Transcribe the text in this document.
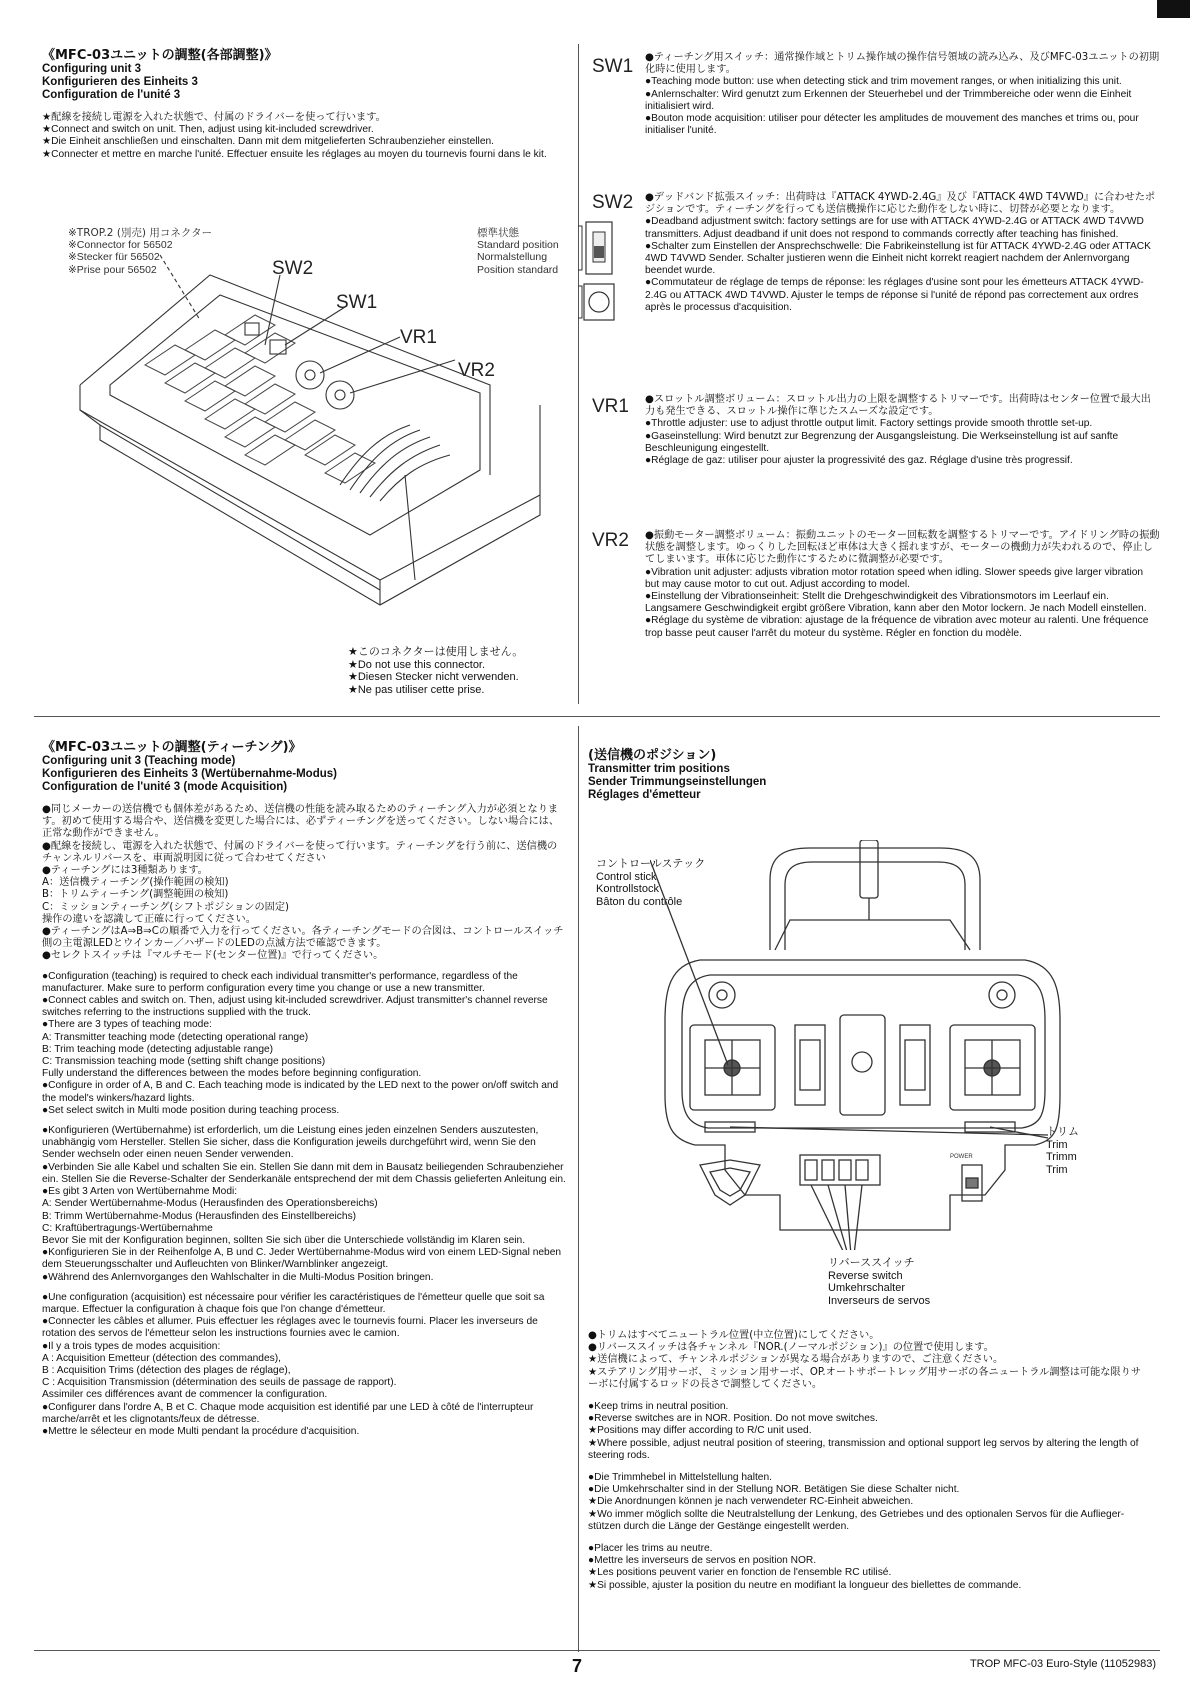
《MFC-03ユニットの調整(各部調整)》
Configuring unit 3
Konfigurieren des Einheits 3
Configuration de l'unité 3

★配線を接続し電源を入れた状態で、付属のドライバーを使って行います。

★Connect and switch on unit. Then, adjust using kit-included screwdriver.

★Die Einheit anschließen und einschalten. Dann mit dem mitgelieferten Schraubenzieher einstellen.

★Connecter et mettre en marche l'unité. Effectuer ensuite les réglages au moyen du tournevis fourni dans le kit.

※TROP.2 (別売) 用コネクター

※Connector for 56502

※Stecker für 56502

※Prise pour 56502

標準状態

Standard position

Normalstellung

Position standard

SW2
SW1
VR1
VR2
★このコネクターは使用しません。
★Do not use this connector.
★Diesen Stecker nicht verwenden.
★Ne pas utiliser cette prise.
SW1 ●ティーチング用スイッチ：通常操作域とトリム操作域の操作信号領域の読み込み、及びMFC-03ユニットの初期化時に使用します。

●Teaching mode button: use when detecting stick and trim movement ranges, or when initializing this unit.

●Anlernschalter: Wird genutzt zum Erkennen der Steuerhebel und der Trimmbereiche oder wenn die Einheit initialisiert wird.

●Bouton mode acquisition: utiliser pour détecter les amplitudes de mouvement des manches et trims ou, pour initialiser l'unité.

SW2 ●デッドバンド拡張スイッチ：出荷時は『ATTACK 4YWD-2.4G』及び『ATTACK 4WD T4VWD』に合わせたポジションです。ティーチングを行っても送信機操作に応じた動作をしない時に、切替が必要となります。

●Deadband adjustment switch: factory settings are for use with ATTACK 4YWD-2.4G or ATTACK 4WD T4VWD transmitters. Adjust deadband if unit does not respond to commands correctly after teaching has finished.

●Schalter zum Einstellen der Ansprechschwelle: Die Fabrikeinstellung ist für ATTACK 4YWD-2.4G oder ATTACK 4WD T4VWD Sender. Schalter justieren wenn die Einheit nicht korrekt reagiert nachdem der Anlernvorgang beendet wurde.

●Commutateur de réglage de temps de réponse: les réglages d'usine sont pour les émetteurs ATTACK 4YWD-2.4G ou ATTACK 4WD T4VWD. Ajuster le temps de réponse si l'unité de répond pas correctement aux ordres après le processus d'acquisition.

VR1 ●スロットル調整ボリューム：スロットル出力の上限を調整するトリマーです。出荷時はセンター位置で最大出力も発生できる、スロットル操作に準じたスムーズな設定です。

●Throttle adjuster: use to adjust throttle output limit. Factory settings provide smooth throttle set-up.

●Gaseinstellung: Wird benutzt zur Begrenzung der Ausgangsleistung. Die Werkseinstellung ist auf sanfte Beschleunigung eingestellt.

●Réglage de gaz: utiliser pour ajuster la progressivité des gaz. Réglage d'usine très progressif.

VR2 ●振動モーター調整ボリューム：振動ユニットのモーター回転数を調整するトリマーです。アイドリング時の振動状態を調整します。ゆっくりした回転ほど車体は大きく揺れますが、モーターの機動力が失われるので、停止してしまいます。車体に応じた動作にするために微調整が必要です。

●Vibration unit adjuster: adjusts vibration motor rotation speed when idling. Slower speeds give larger vibration but may cause motor to cut out. Adjust according to model.

●Einstellung der Vibrationseinheit: Stellt die Drehgeschwindigkeit des Vibrationsmotors im Leerlauf ein. Langsamere Geschwindigkeit ergibt größere Vibration, kann aber den Motor lockern. Je nach Modell einstellen.

●Réglage du système de vibration: ajustage de la fréquence de vibration avec moteur au ralenti. Une fréquence trop basse peut causer l'arrêt du moteur du système. Régler en fonction du modèle.

《MFC-03ユニットの調整(ティーチング)》
Configuring unit 3 (Teaching mode)
Konfigurieren des Einheits 3 (Wertübernahme-Modus)
Configuration de l'unité 3 (mode Acquisition)

●同じメーカーの送信機でも個体差があるため、送信機の性能を読み取るためのティーチング入力が必須となります。初めて使用する場合や、送信機を変更した場合には、必ずティーチングを送ってください。しない場合には、正常な動作ができません。

●配線を接続し、電源を入れた状態で、付属のドライバーを使って行います。ティーチングを行う前に、送信機のチャンネルリバースを、車両説明図に従って合わせてください

●ティーチングには3種類あります。

A：送信機ティーチング(操作範囲の検知)

B：トリムティーチング(調整範囲の検知)

C：ミッションティーチング(シフトポジションの固定)

操作の違いを認識して正確に行ってください。

●ティーチングはA⇒B⇒Cの順番で入力を行ってください。各ティーチングモードの合図は、コントロールスイッチ側の主電源LEDとウインカー／ハザードのLEDの点滅方法で確認できます。

●セレクトスイッチは『マルチモード(センター位置)』で行ってください。

●Configuration (teaching) is required to check each individual transmitter's performance, regardless of the manufacturer. Make sure to perform configuration every time you change or use a new transmitter.

●Connect cables and switch on. Then, adjust using kit-included screwdriver. Adjust transmitter's channel reverse switches referring to the instructions supplied with the truck.

●There are 3 types of teaching mode:

A: Transmitter teaching mode (detecting operational range)

B: Trim teaching mode (detecting adjustable range)

C: Transmission teaching mode (setting shift change positions)

Fully understand the differences between the modes before beginning configuration.

●Configure in order of A, B and C. Each teaching mode is indicated by the LED next to the power on/off switch and the model's winkers/hazard lights.

●Set select switch in Multi mode position during teaching process.

●Konfigurieren (Wertübernahme) ist erforderlich, um die Leistung eines jeden einzelnen Senders auszutesten, unabhängig vom Hersteller. Stellen Sie sicher, dass die Konfiguration jeweils durchgeführt wird, wenn Sie den Sender wechseln oder einen neuen Sender verwenden.

●Verbinden Sie alle Kabel und schalten Sie ein. Stellen Sie dann mit dem in Bausatz beiliegenden Schraubenzieher ein. Stellen Sie die Reverse-Schalter der Senderkanäle entsprechend der mit dem Chassis gelieferten Anleitung ein.

●Es gibt 3 Arten von Wertübernahme Modi:

A: Sender Wertübernahme-Modus (Herausfinden des Operationsbereichs)

B: Trimm Wertübernahme-Modus (Herausfinden des Einstellbereichs)

C: Kraftübertragungs-Wertübernahme

Bevor Sie mit der Konfiguration beginnen, sollten Sie sich über die Unterschiede vollständig im Klaren sein.

●Konfigurieren Sie in der Reihenfolge A, B und C. Jeder Wertübernahme-Modus wird von einem LED-Signal neben dem Steuerungsschalter und Aufleuchten von Blinker/Warnblinker angezeigt.

●Während des Anlernvorganges den Wahlschalter in die Multi-Modus Position bringen.

●Une configuration (acquisition) est nécessaire pour vérifier les caractéristiques de l'émetteur quelle que soit sa marque. Effectuer la configuration à chaque fois que l'on change d'émetteur.

●Connecter les câbles et allumer. Puis effectuer les réglages avec le tournevis fourni. Placer les inverseurs de rotation des servos de l'émetteur selon les instructions fournies avec le camion.

●Il y a trois types de modes acquisition:

A : Acquisition Emetteur (détection des commandes),

B : Acquisition Trims (détection des plages de réglage),

C : Acquisition Transmission (détermination des seuils de passage de rapport).

Assimiler ces différences avant de commencer la configuration.

●Configurer dans l'ordre A, B et C. Chaque mode acquisition est identifié par une LED à côté de l'interrupteur marche/arrêt et les clignotants/feux de détresse.

●Mettre le sélecteur en mode Multi pendant la procédure d'acquisition.

(送信機のポジション)
Transmitter trim positions
Sender Trimmungseinstellungen
Réglages d'émetteur
コントロールステック
Control stick
Kontrollstock
Bâton du contrôle
トリム
Trim
Trimm
Trim
リバーススイッチ
Reverse switch
Umkehrschalter
Inverseurs de servos
POWER

●トリムはすべてニュートラル位置(中立位置)にしてください。

●リバーススイッチは各チャンネル『NOR.(ノーマルポジション)』の位置で使用します。

★送信機によって、チャンネルポジションが異なる場合がありますので、ご注意ください。

★ステアリング用サーボ、ミッション用サーボ、OP.オートサポートレッグ用サーボの各ニュートラル調整は可能な限りサーボに付属するロッドの長さで調整してください。

●Keep trims in neutral position.

●Reverse switches are in NOR. Position. Do not move switches.

★Positions may differ according to R/C unit used.

★Where possible, adjust neutral position of steering, transmission and optional support leg servos by altering the length of steering rods.

●Die Trimmhebel in Mittelstellung halten.

●Die Umkehrschalter sind in der Stellung NOR. Betätigen Sie diese Schalter nicht.

★Die Anordnungen können je nach verwendeter RC-Einheit abweichen.

★Wo immer möglich sollte die Neutralstellung der Lenkung, des Getriebes und des optionalen Servos für die Aufliegerstützen durch die Länge der Gestänge eingestellt werden.

●Placer les trims au neutre.

●Mettre les inverseurs de servos en position NOR.

★Les positions peuvent varier en fonction de l'ensemble RC utilisé.

★Si possible, ajuster la position du neutre en modifiant la longueur des biellettes de commande.

7	TROP MFC-03 Euro-Style (11052983)
